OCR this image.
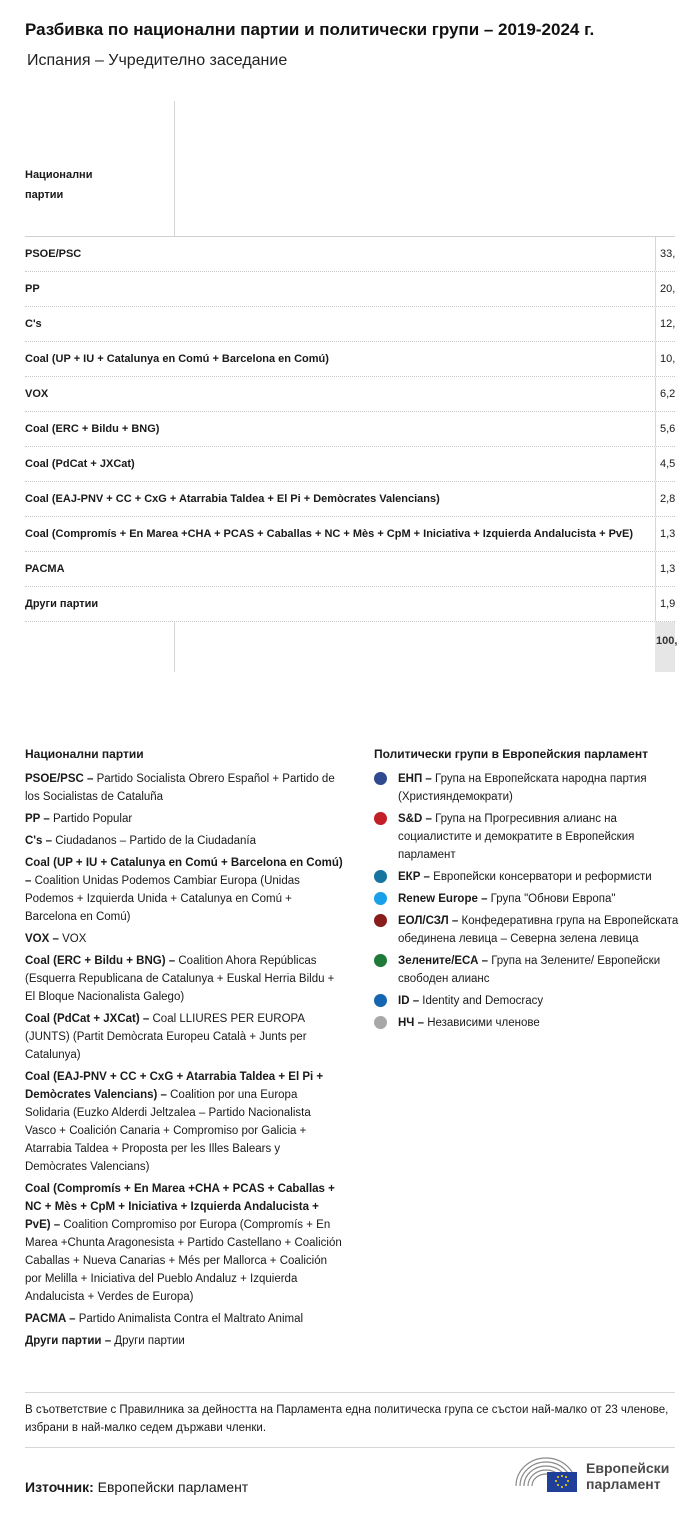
Разбивка по национални партии и политически групи – 2019-2024 г.
Испания – Учредително заседание
Национални партии
PSOE/PSC	33,
PP	20,
C's	12,
Coal (UP + IU + Catalunya en Comú + Barcelona en Comú)	10,
VOX	6,2
Coal (ERC + Bildu + BNG)	5,6
Coal (PdCat + JXCat)	4,5
Coal (EAJ-PNV + CC + CxG + Atarrabia Taldea + El Pi + Demòcrates Valencians)	2,8
Coal (Compromís + En Marea +CHA + PCAS + Caballas + NC + Mès + CpM + Iniciativa + Izquierda Andalucista + PvE)	1,3
PACMA	1,3
Други партии	1,9
100,
Национални партии
PSOE/PSC – Partido Socialista Obrero Español + Partido de los Socialistas de Cataluña
PP – Partido Popular
C's – Ciudadanos – Partido de la Ciudadanía
Coal (UP + IU + Catalunya en Comú + Barcelona en Comú) – Coalition Unidas Podemos Cambiar Europa (Unidas Podemos + Izquierda Unida + Catalunya en Comú + Barcelona en Comú)
VOX – VOX
Coal (ERC + Bildu + BNG) – Coalition Ahora Repúblicas (Esquerra Republicana de Catalunya + Euskal Herria Bildu + El Bloque Nacionalista Galego)
Coal (PdCat + JXCat) – Coal LLIURES PER EUROPA (JUNTS) (Partit Demòcrata Europeu Català + Junts per Catalunya)
Coal (EAJ-PNV + CC + CxG + Atarrabia Taldea + El Pi + Demòcrates Valencians) – Coalition por una Europa Solidaria (Euzko Alderdi Jeltzalea – Partido Nacionalista Vasco + Coalición Canaria + Compromiso por Galicia + Atarrabia Taldea + Proposta per les Illes Balears y Demòcrates Valencians)
Coal (Compromís + En Marea +CHA + PCAS + Caballas + NC + Mès + CpM + Iniciativa + Izquierda Andalucista + PvE) – Coalition Compromiso por Europa (Compromís + En Marea +Chunta Aragonesista + Partido Castellano + Coalición Caballas + Nueva Canarias + Més per Mallorca + Coalición por Melilla + Iniciativa del Pueblo Andaluz + Izquierda Andalucista + Verdes de Europa)
PACMA – Partido Animalista Contra el Maltrato Animal
Други партии – Други партии
Политически групи в Европейския парламент
ЕНП – Група на Европейската народна партия (Християндемократи)
S&D – Група на Прогресивния алианс на социалистите и демократите в Европейския парламент
ЕКР – Европейски консерватори и реформисти
Renew Europe – Група "Обнови Европа"
ЕОЛ/СЗЛ – Конфедеративна група на Европейската обединена левица – Северна зелена левица
Зелените/ЕСА – Група на Зелените/ Европейски свободен алианс
ID – Identity and Democracy
НЧ – Независими членове
В съответствие с Правилника за дейността на Парламента една политическа група се състои най-малко от 23 членове, избрани в най-малко седем държави членки.
Източник: Европейски парламент
Европейски
парламент
